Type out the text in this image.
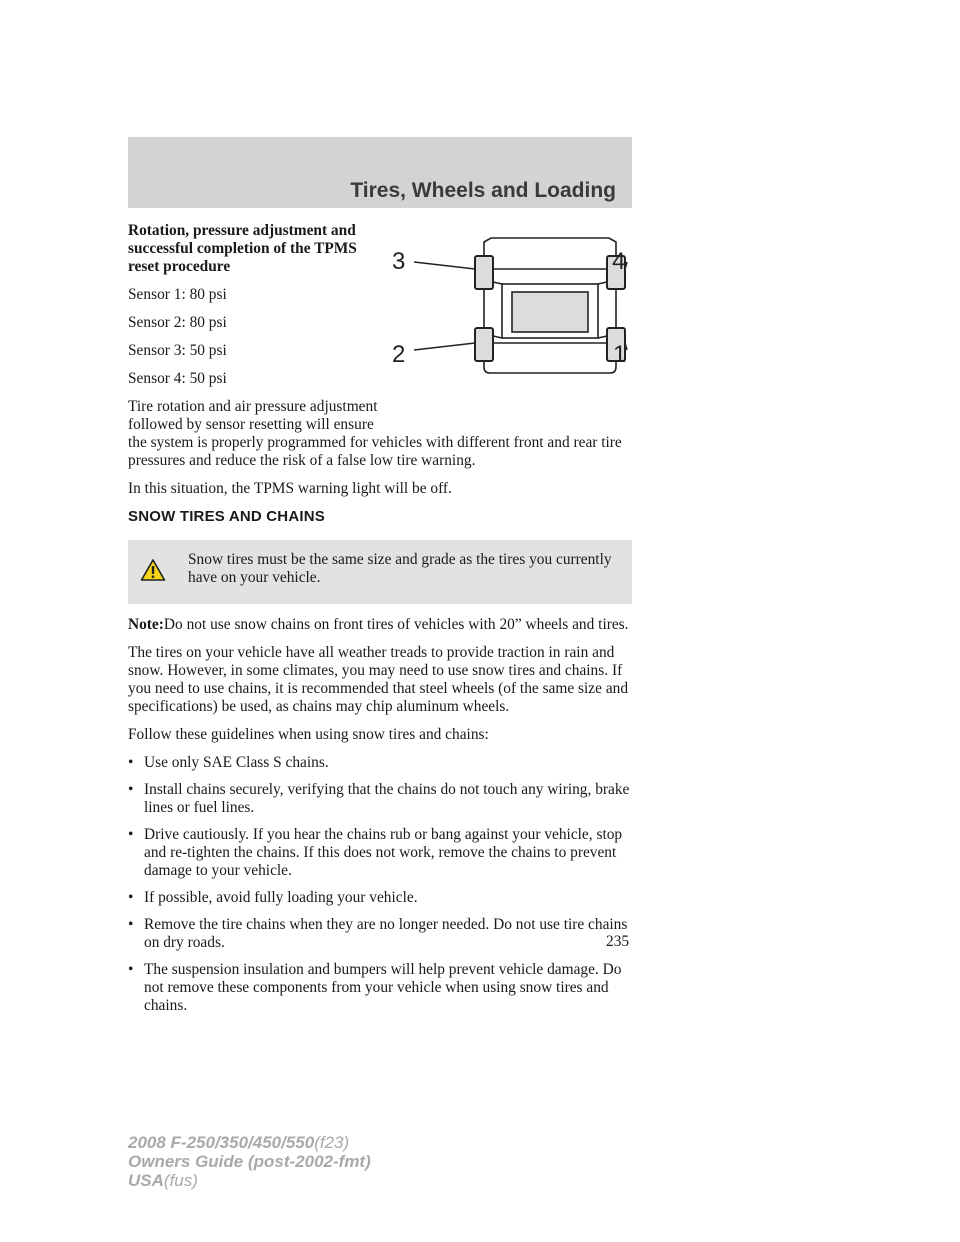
Tires, Wheels and Loading
3	4
2	1

Rotation, pressure adjustment and successful completion of the TPMS reset procedure

Sensor 1: 80 psi

Sensor 2: 80 psi

Sensor 3: 50 psi

Sensor 4: 50 psi

Tire rotation and air pressure adjustment followed by sensor resetting will ensure the system is properly programmed for vehicles with different front and rear tire pressures and reduce the risk of a false low tire warning.

In this situation, the TPMS warning light will be off.

SNOW TIRES AND CHAINS
Snow tires must be the same size and grade as the tires you currently have on your vehicle.

Note:Do not use snow chains on front tires of vehicles with 20” wheels and tires.

The tires on your vehicle have all weather treads to provide traction in rain and snow. However, in some climates, you may need to use snow tires and chains. If you need to use chains, it is recommended that steel wheels (of the same size and specifications) be used, as chains may chip aluminum wheels.

Follow these guidelines when using snow tires and chains:

• Use only SAE Class S chains.
• Install chains securely, verifying that the chains do not touch any wiring, brake lines or fuel lines.
• Drive cautiously. If you hear the chains rub or bang against your vehicle, stop and re-tighten the chains. If this does not work, remove the chains to prevent damage to your vehicle.
• If possible, avoid fully loading your vehicle.
• Remove the tire chains when they are no longer needed. Do not use tire chains on dry roads.
• The suspension insulation and bumpers will help prevent vehicle damage. Do not remove these components from your vehicle when using snow tires and chains.
235
2008 F-250/350/450/550(f23)
Owners Guide (post-2002-fmt)
USA(fus)
